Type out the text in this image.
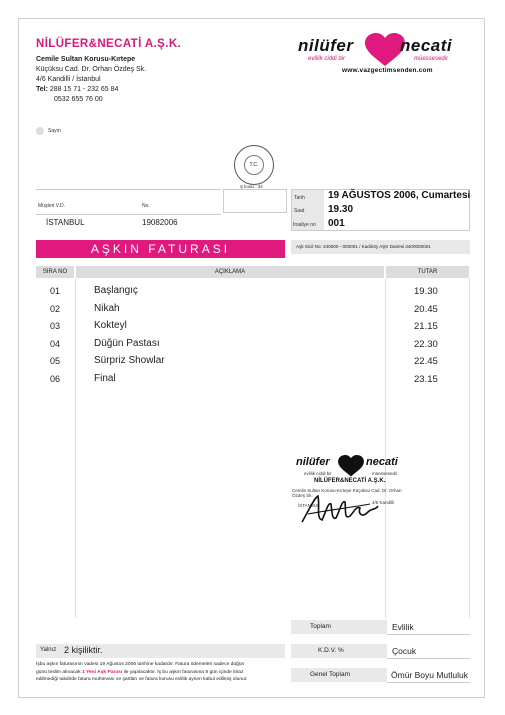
NİLÜFER&NECATİ A.Ş.K.
Cemile Sultan Korusu-Kırtepe
Küçüksu Cad. Dr. Orhan Özdeş Sk.
4/6 Kandilli / İstanbul
Tel: 288 15 71 - 232 65 84
0532 655 76 00
nilüfer	necati
evlilik ciddi bir	müessesedir
www.vazgectimsenden.com
Sayın
T.C.
Ş kodu : 34
Müşteri V.D.	No.
İSTANBUL	19082006
Tarih 19 AĞUSTOS 2006, Cumartesi
Saat 19.30
İrsaliye no 001
AŞKIN FATURASI	Aşk Sicil No: 340000 - 000001 / Kadıköy AŞK Dairesi 3400000001
SIRA NO	AÇIKLAMA	TUTAR
01	Başlangıç	19.30
02	Nikah	20.45
03	Kokteyl	21.15
04	Düğün Pastası	22.30
05	Sürpriz Showlar	22.45
06	Final	23.15
nilüfer	necati
evlilik ciddi bir	müessesedir
NİLÜFER&NECATİ A.Ş.K.
Cemile Sultan Korusu-Kırtepe Küçüksu Cad. Dr. Orhan Özdeş Sk.
4/6 Kandilli
İSTANBUL
Toplam	Evlilik
K.D.V. %	Çocuk
Genel Toplam	Ömür Boyu Mutluluk
Yalnız 2 kişiliktir.
İşbu aşkın faturasının vadesi 19 Ağustos 2006 tarihine kadardır. Fatura ödemeleri sadece düğün
günü teslim alınacak 1 Yeni Aşk Parası ile yapılacaktır. İş bu aşkın faturasına 8 gün içinde itiraz
edilmediği takdirde fatura muhtevası ve şartları ve fatura korusu evlilik aynen kabul edilmiş olunur.
